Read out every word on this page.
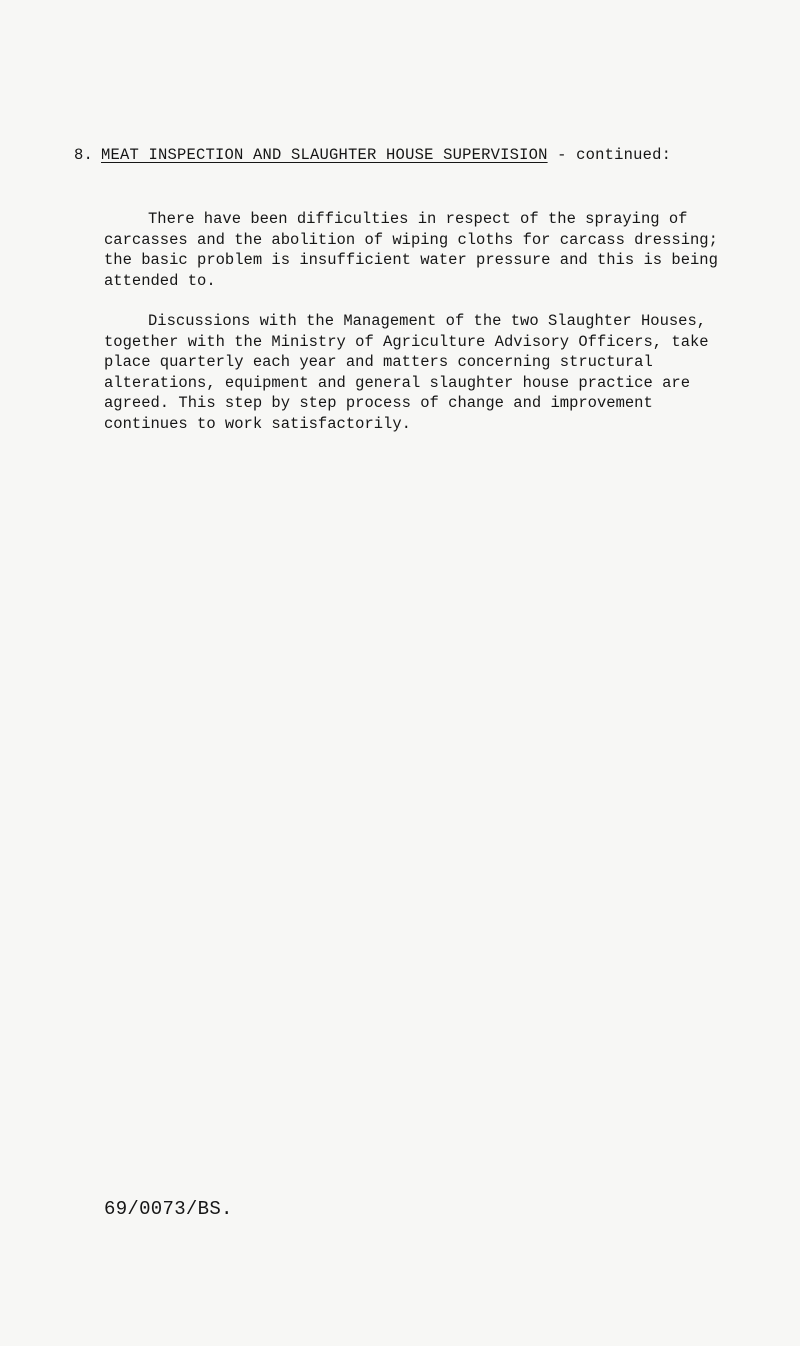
8. MEAT INSPECTION AND SLAUGHTER HOUSE SUPERVISION - continued:

There have been difficulties in respect of the spraying of
carcasses and the abolition of wiping cloths for carcass dressing;
the basic problem is insufficient water pressure and this is being
attended to.

Discussions with the Management of the two Slaughter Houses,
together with the Ministry of Agriculture Advisory Officers, take
place quarterly each year and matters concerning structural
alterations, equipment and general slaughter house practice are
agreed. This step by step process of change and improvement
continues to work satisfactorily.

69/0073/BS.
